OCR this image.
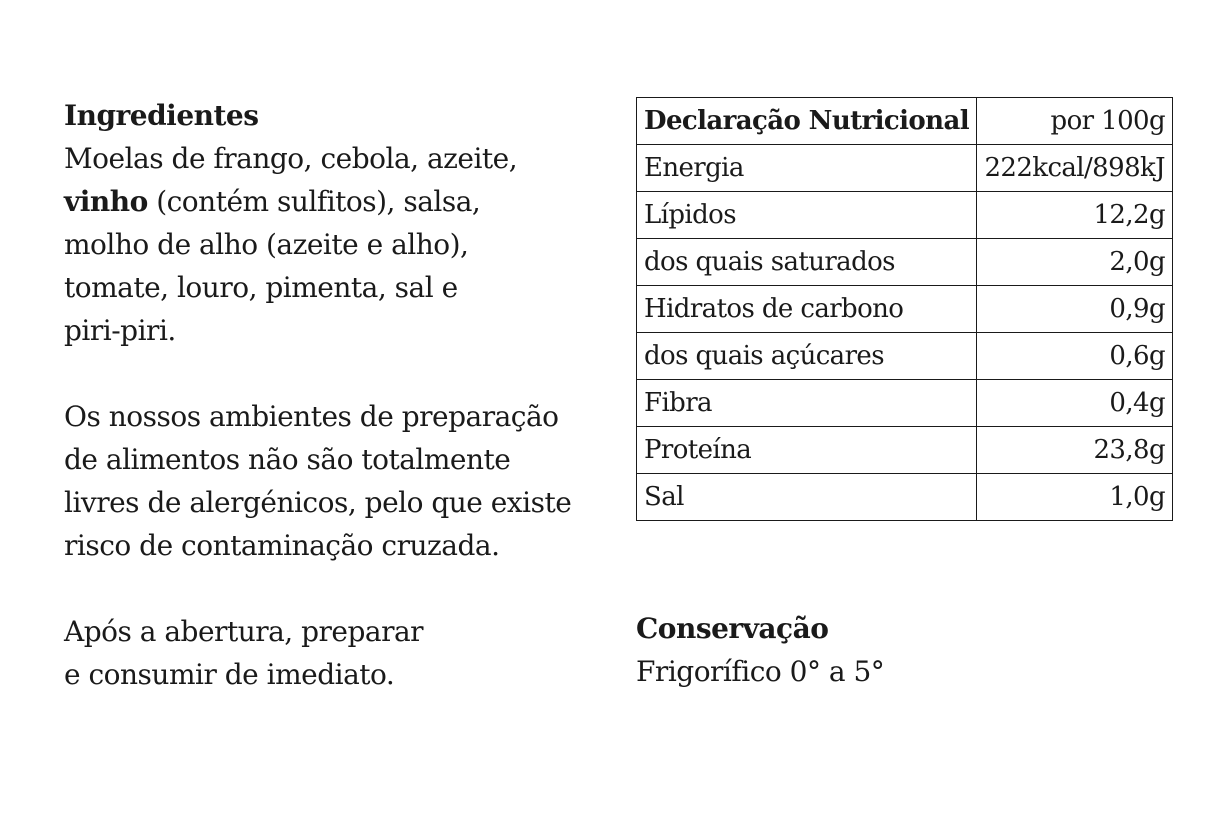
Ingredientes
Moelas de frango, cebola, azeite,
vinho (contém sulfitos), salsa,
molho de alho (azeite e alho),
tomate, louro, pimenta, sal e
piri-piri.
Os nossos ambientes de preparação
de alimentos não são totalmente
livres de alergénicos, pelo que existe
risco de contaminação cruzada.
Após a abertura, preparar
e consumir de imediato.
Declaração Nutricional	por 100g
Energia	222kcal/898kJ
Lípidos	12,2g
dos quais saturados	2,0g
Hidratos de carbono	0,9g
dos quais açúcares	0,6g
Fibra	0,4g
Proteína	23,8g
Sal	1,0g
Conservação
Frigorífico 0° a 5°
